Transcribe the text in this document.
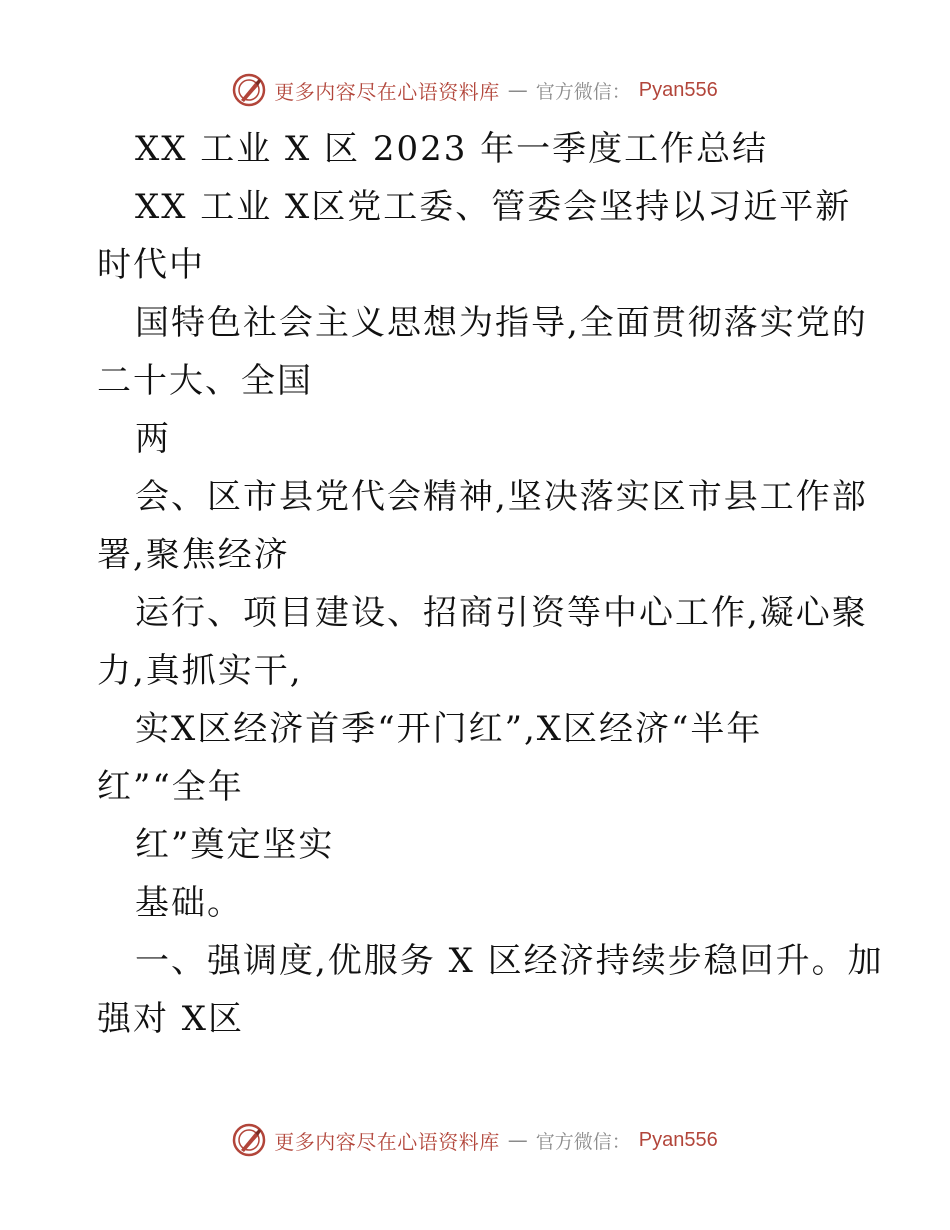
更多内容尽在心语资料库 — 官方微信： Pyan556
XX 工业 X 区 2023 年一季度工作总结
XX 工业 X区党工委、管委会坚持以习近平新
时代中
国特色社会主义思想为指导,全面贯彻落实党的
二十大、全国
两
会、区市县党代会精神,坚决落实区市县工作部
署,聚焦经济
运行、项目建设、招商引资等中心工作,凝心聚
力,真抓实干,
实X区经济首季“开门红”,X区经济“半年
红”“全年
红”奠定坚实
基础。
一、强调度,优服务 X 区经济持续步稳回升。加
强对 X区
更多内容尽在心语资料库 — 官方微信： Pyan556
